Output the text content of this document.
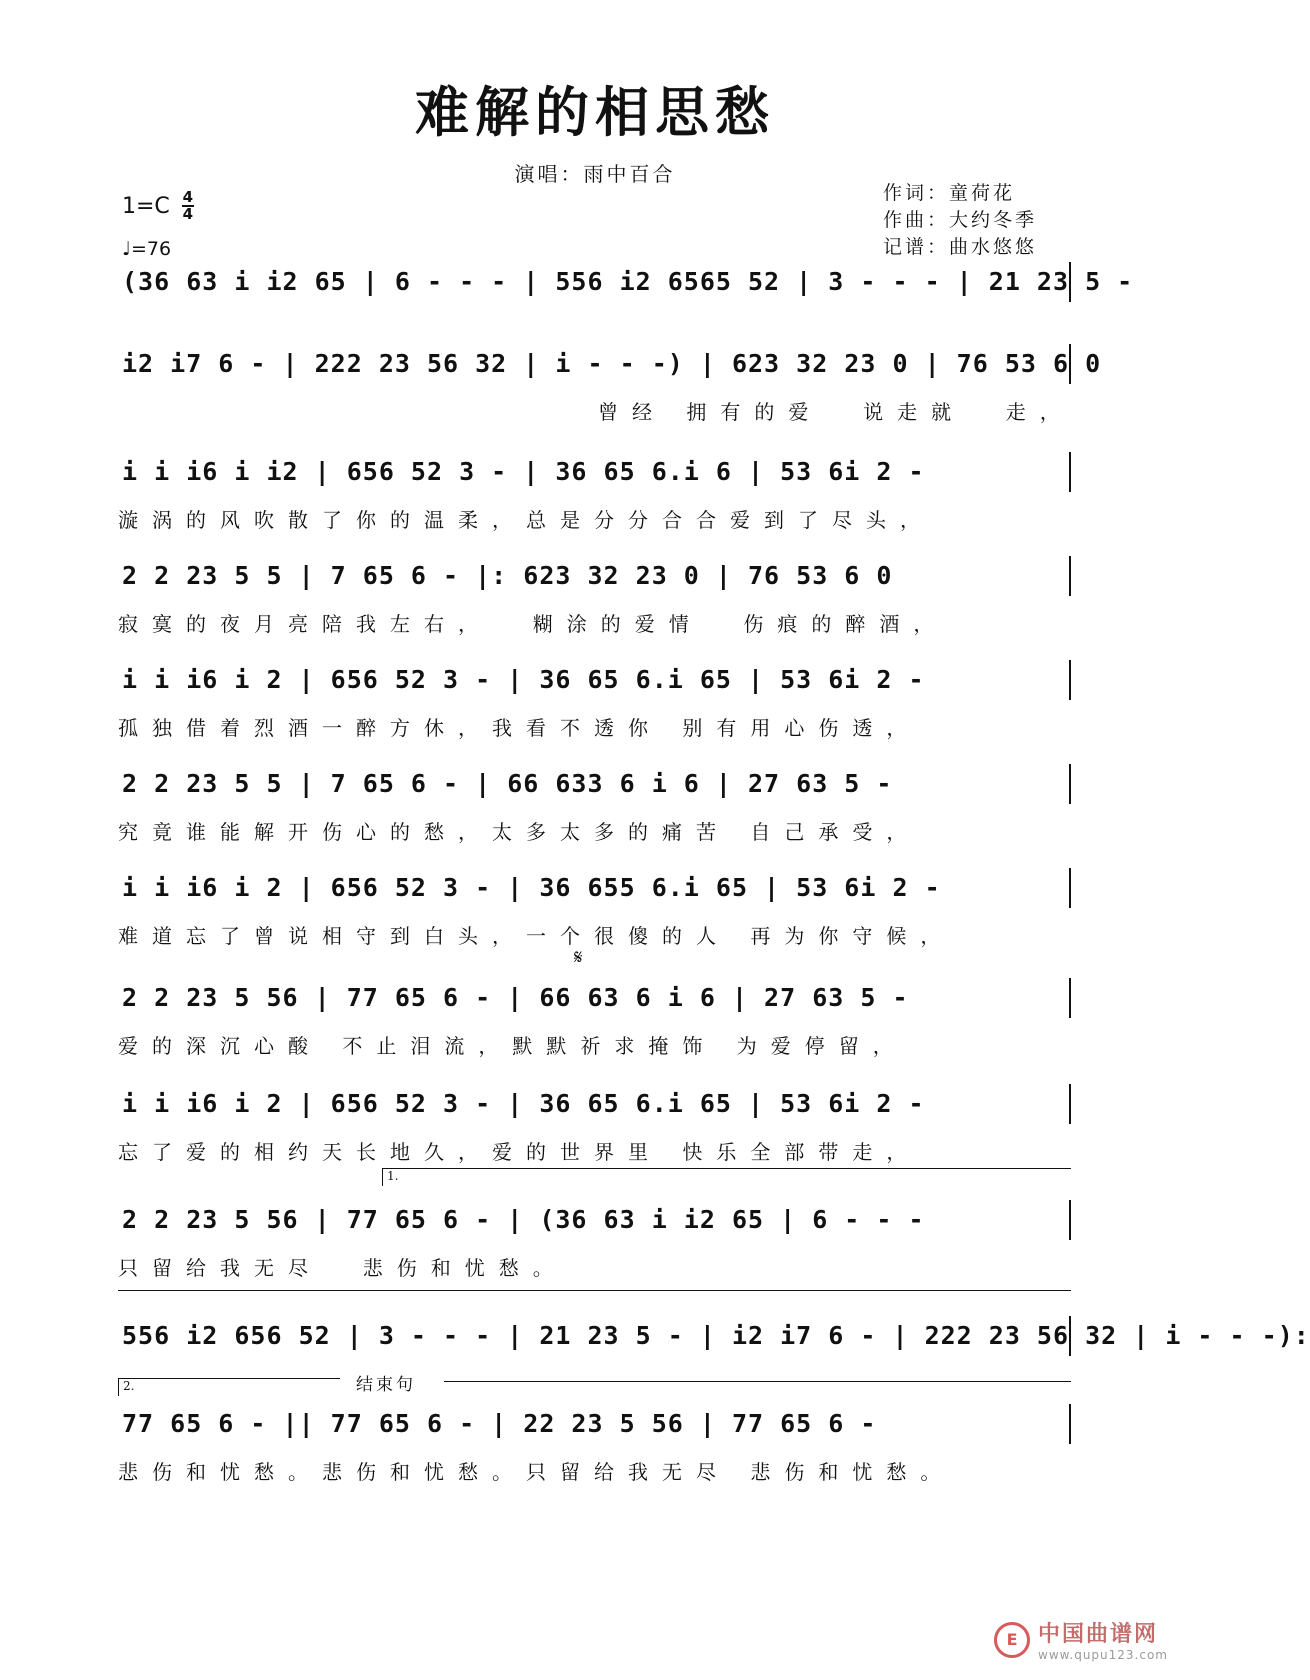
难解的相思愁
演唱：雨中百合
$1=C \frac{4}{4}$
♩=76
作词：童荷花
作曲：大约冬季
记谱：曲水悠悠
(36 63 i i2 65 | 6 - - - | 556 i2 6565 52 | 3 - - - | 21 23 5 -
i2 i7 6 - | 222 23 56 32 | i - - -) | 623 32 23 0 | 76 53 6 0
曾经 拥有的爱  说走就  走，
i i i6 i i2 | 656 52 3 - | 36 65 6.i 6 | 53 6i 2 -
漩涡的风吹散了你的温柔，总是分分合合爱到了尽头，
2 2 23 5 5 | 7 65 6 - |: 623 32 23 0 | 76 53 6 0
寂寞的夜月亮陪我左右，  糊涂的爱情  伤痕的醉酒，
i i i6 i 2 | 656 52 3 - | 36 65 6.i 65 | 53 6i 2 -
孤独借着烈酒一醉方休，我看不透你 别有用心伤透，
2 2 23 5 5 | 7 65 6 - | 66 633 6 i 6 | 27 63 5 -
究竟谁能解开伤心的愁，太多太多的痛苦 自己承受，
i i i6 i 2 | 656 52 3 - | 36 655 6.i 65 | 53 6i 2 -
难道忘了曾说相守到白头，一个很傻的人 再为你守候，
𝄋
2 2 23 5 56 | 77 65 6 - | 66 63 6 i 6 | 27 63 5 -
爱的深沉心酸 不止泪流，默默祈求掩饰 为爱停留，
i i i6 i 2 | 656 52 3 - | 36 65 6.i 65 | 53 6i 2 -
忘了爱的相约天长地久，爱的世界里 快乐全部带走，
1.
2 2 23 5 56 | 77 65 6 - | (36 63 i i2 65 | 6 - - -
只留给我无尽  悲伤和忧愁。
556 i2 656 52 | 3 - - - | 21 23 5 - | i2 i7 6 - | 222 23 56 32 | i - - -):
2.	结束句
77 65 6 - || 77 65 6 - | 22 23 5 56 | 77 65 6 -
悲伤和忧愁。悲伤和忧愁。只留给我无尽 悲伤和忧愁。
E 中国曲谱网
www.qupu123.com
